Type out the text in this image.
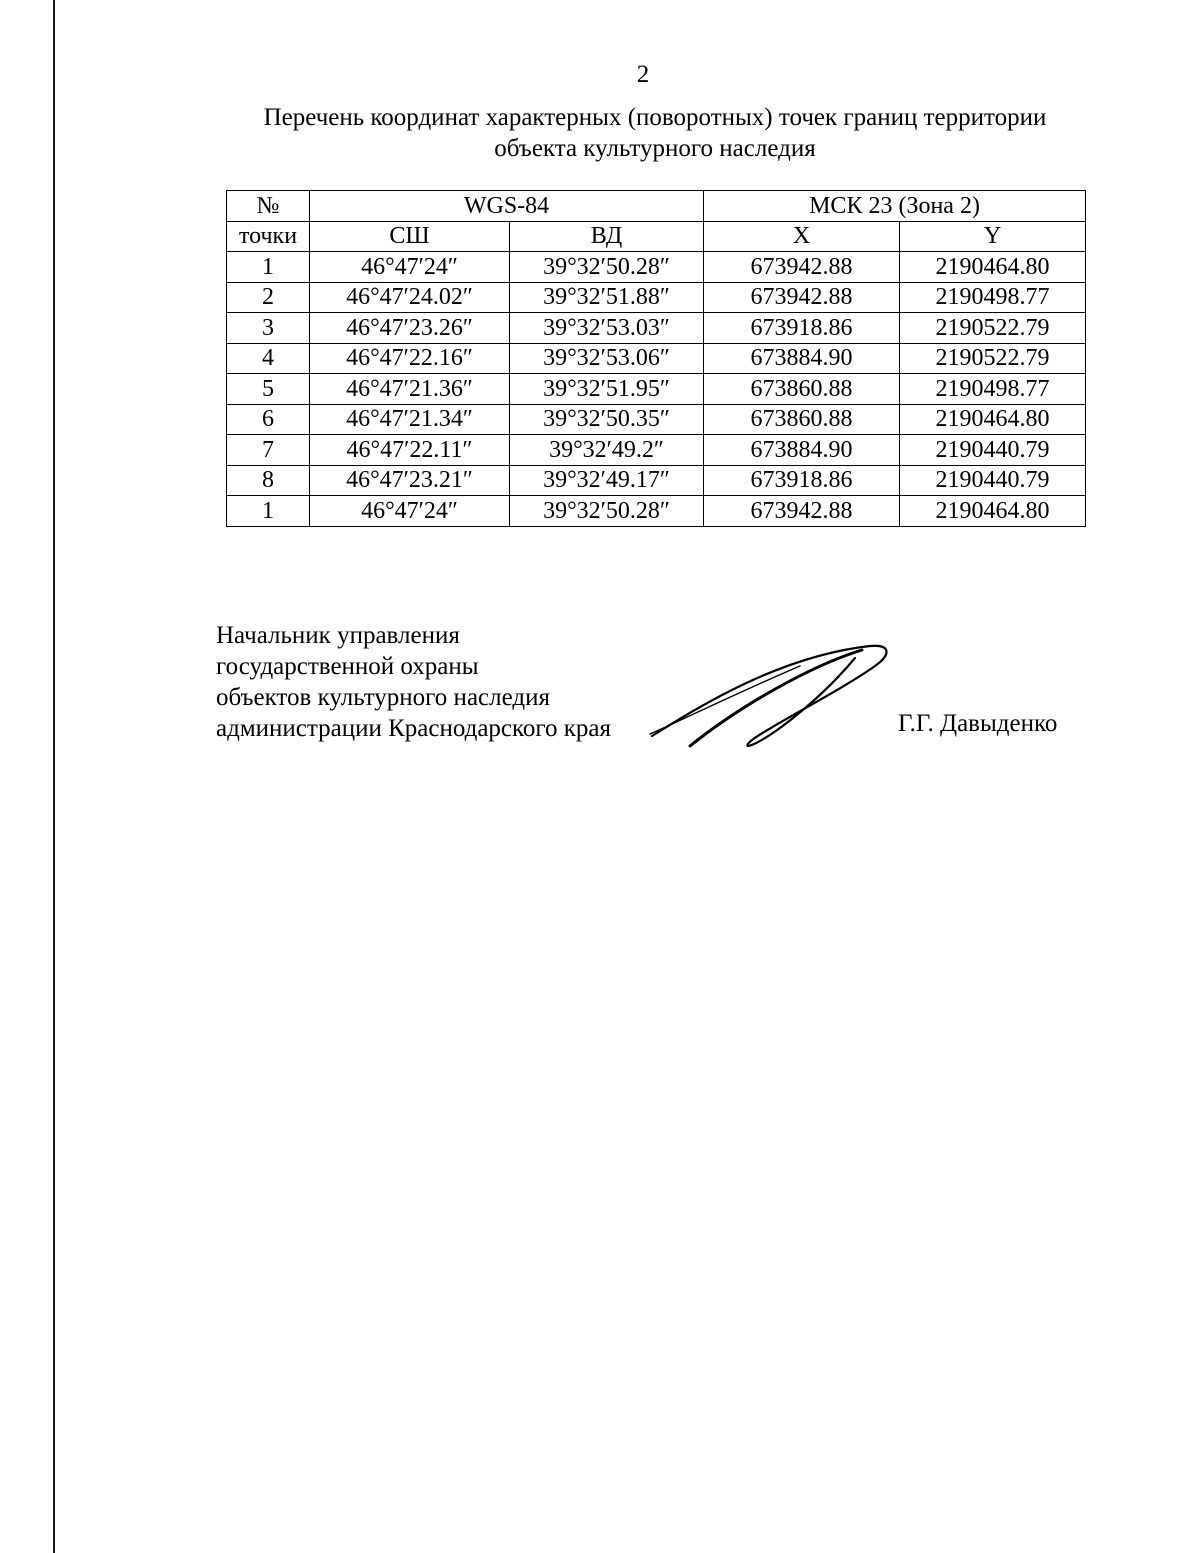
2
Перечень координат характерных (поворотных) точек границ территории
объекта культурного наследия
№	WGS-84		МСК 23 (Зона 2)	
точки	СШ	ВД	X	Y
1	46°47′24″	39°32′50.28″	673942.88	2190464.80
2	46°47′24.02″	39°32′51.88″	673942.88	2190498.77
3	46°47′23.26″	39°32′53.03″	673918.86	2190522.79
4	46°47′22.16″	39°32′53.06″	673884.90	2190522.79
5	46°47′21.36″	39°32′51.95″	673860.88	2190498.77
6	46°47′21.34″	39°32′50.35″	673860.88	2190464.80
7	46°47′22.11″	39°32′49.2″	673884.90	2190440.79
8	46°47′23.21″	39°32′49.17″	673918.86	2190440.79
1	46°47′24″	39°32′50.28″	673942.88	2190464.80
Начальник управления
государственной охраны
объектов культурного наследия
администрации Краснодарского края	Г.Г. Давыденко
